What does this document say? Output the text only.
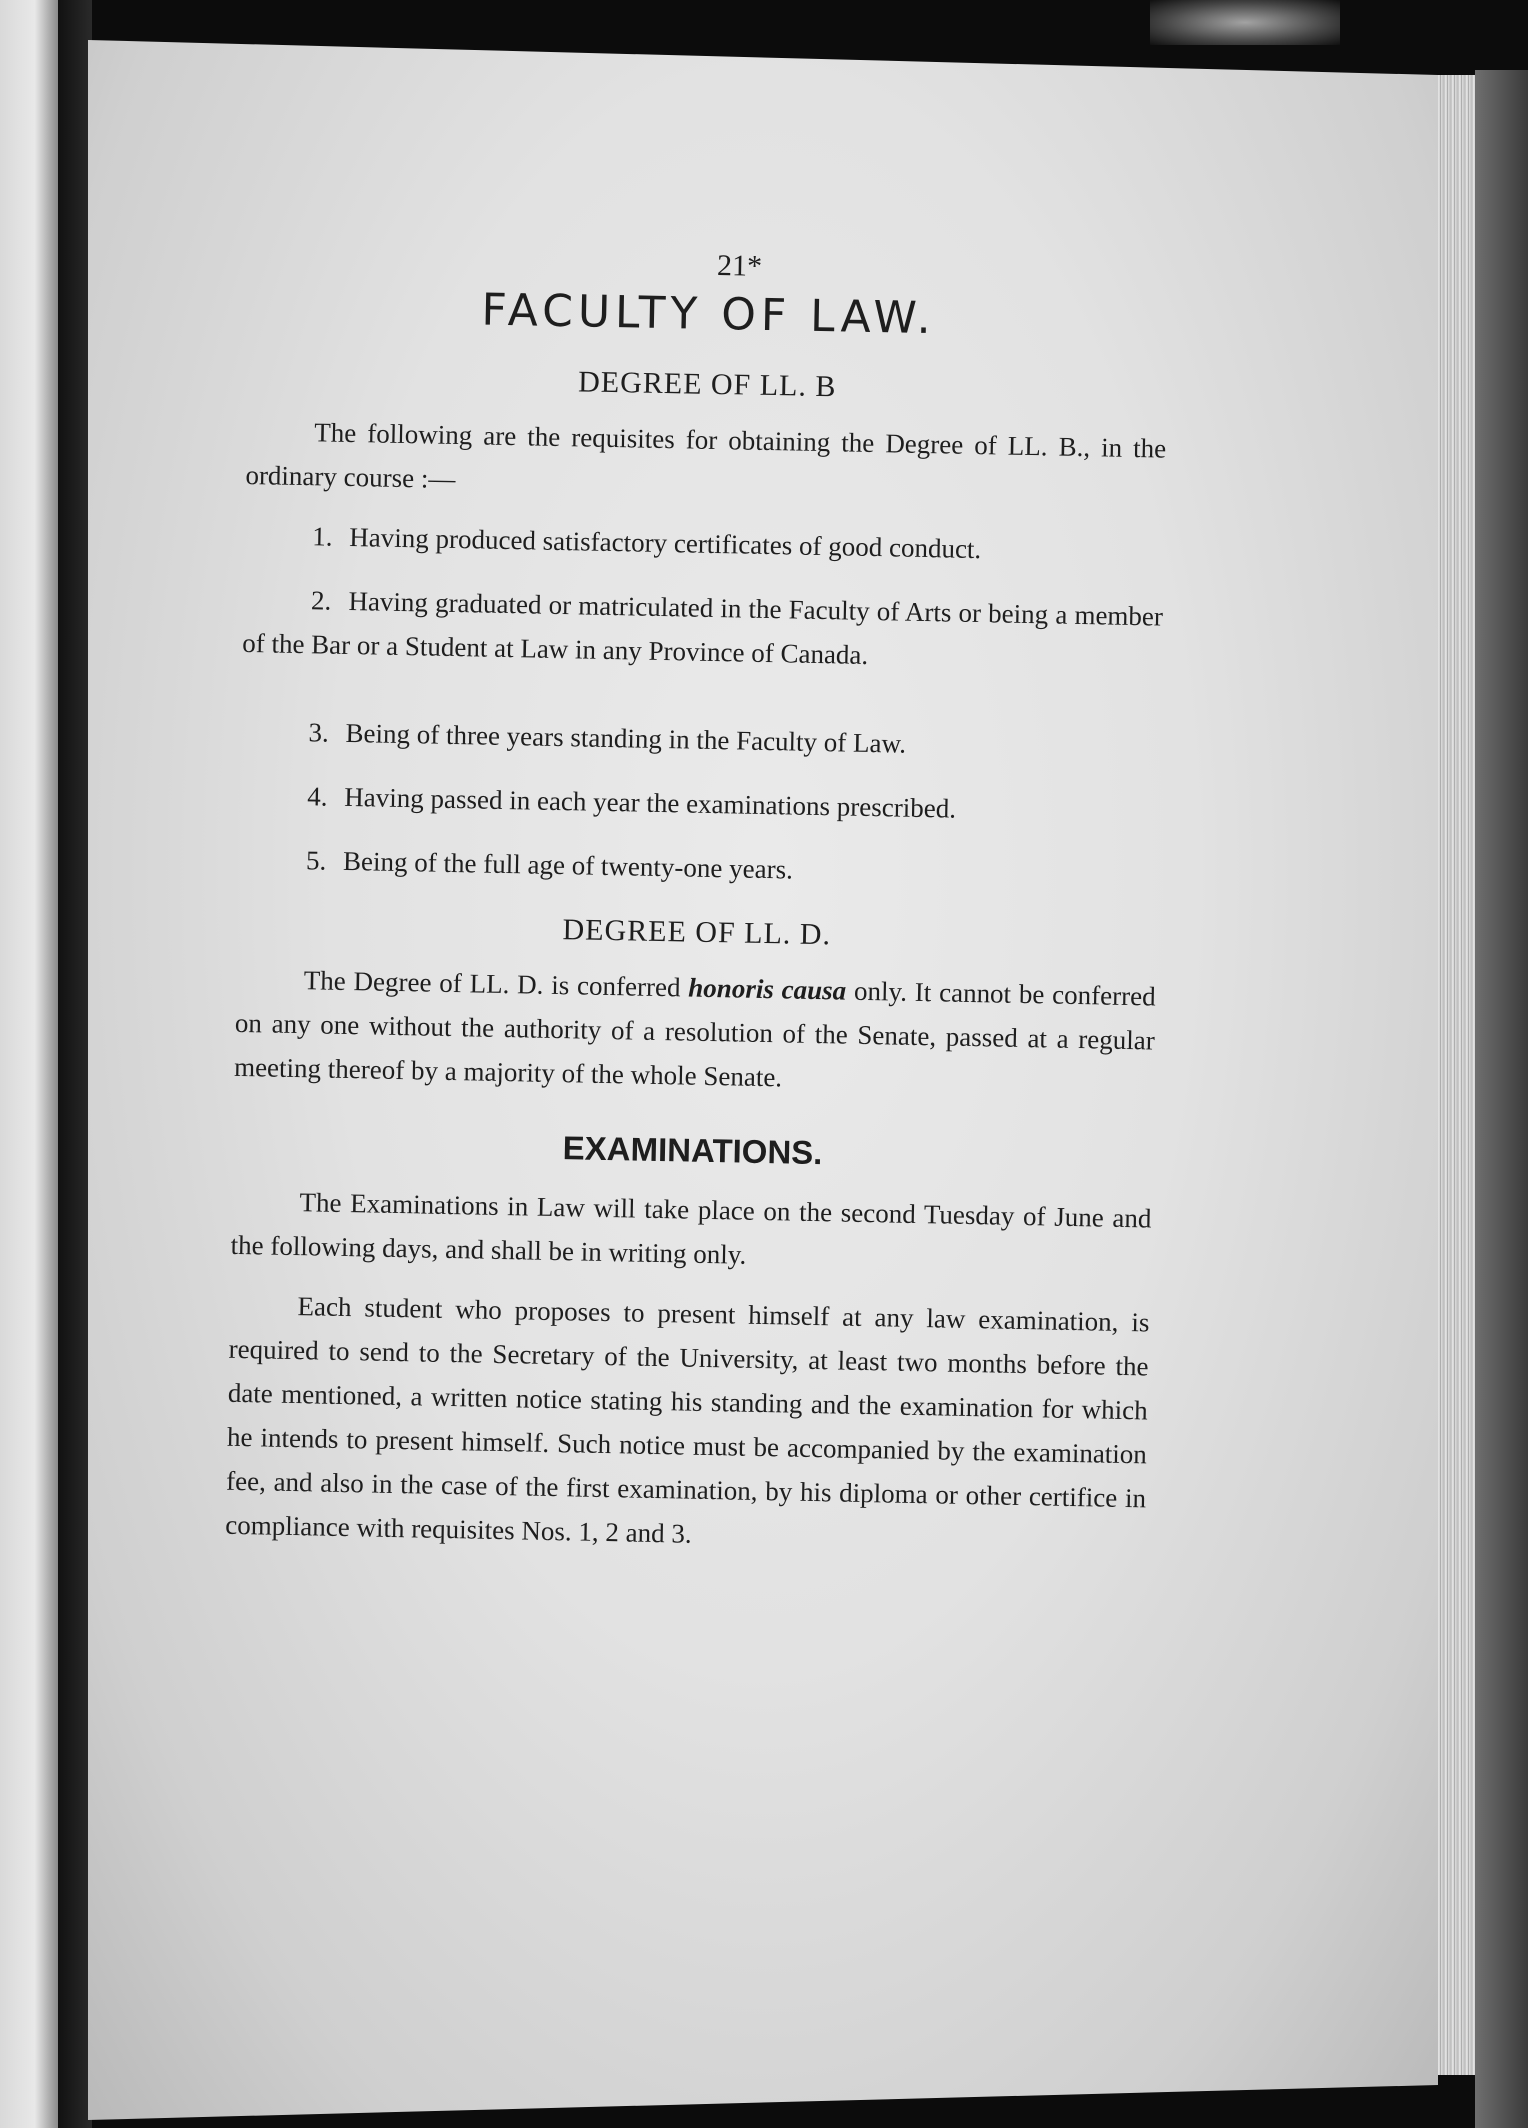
21*
FACULTY OF LAW.
DEGREE OF LL. B

The following are the requisites for obtaining the Degree of LL. B., in the ordinary course :—

1. Having produced satisfactory certificates of good conduct.
2. Having graduated or matriculated in the Faculty of Arts or being a member of the Bar or a Student at Law in any Province of Canada.
3. Being of three years standing in the Faculty of Law.
4. Having passed in each year the examinations prescribed.
5. Being of the full age of twenty-one years.
DEGREE OF LL. D.

The Degree of LL. D. is conferred honoris causa only. It cannot be conferred on any one without the authority of a resolution of the Senate, passed at a regular meeting thereof by a majority of the whole Senate.

EXAMINATIONS.

The Examinations in Law will take place on the second Tuesday of June and the following days, and shall be in writing only.

Each student who proposes to present himself at any law examination, is required to send to the Secretary of the University, at least two months before the date mentioned, a written notice stating his standing and the examination for which he intends to present himself. Such notice must be accompanied by the examination fee, and also in the case of the first examination, by his diploma or other certifice in compliance with requisites Nos. 1, 2 and 3.
